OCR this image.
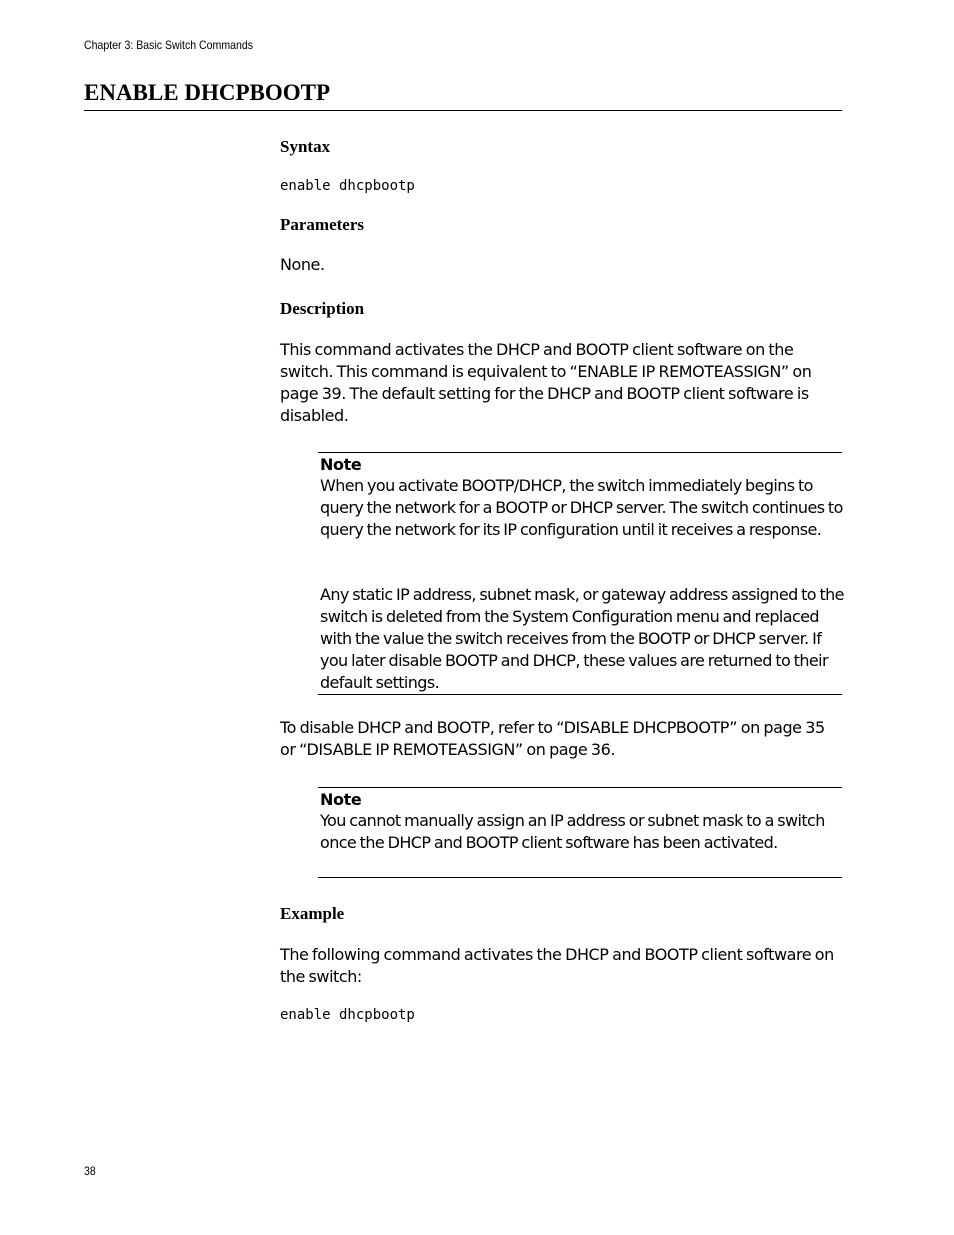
Chapter 3: Basic Switch Commands
ENABLE DHCPBOOTP
Syntax
enable dhcpbootp
Parameters

None.

Description

This command activates the DHCP and BOOTP client software on the switch. This command is equivalent to “ENABLE IP REMOTEASSIGN” on page 39. The default setting for the DHCP and BOOTP client software is disabled.

Note

When you activate BOOTP/DHCP, the switch immediately begins to query the network for a BOOTP or DHCP server. The switch continues to query the network for its IP configuration until it receives a response.

Any static IP address, subnet mask, or gateway address assigned to the switch is deleted from the System Configuration menu and replaced with the value the switch receives from the BOOTP or DHCP server. If you later disable BOOTP and DHCP, these values are returned to their default settings.

To disable DHCP and BOOTP, refer to “DISABLE DHCPBOOTP” on page 35 or “DISABLE IP REMOTEASSIGN” on page 36.

Note

You cannot manually assign an IP address or subnet mask to a switch once the DHCP and BOOTP client software has been activated.

Example

The following command activates the DHCP and BOOTP client software on the switch:

enable dhcpbootp
38
